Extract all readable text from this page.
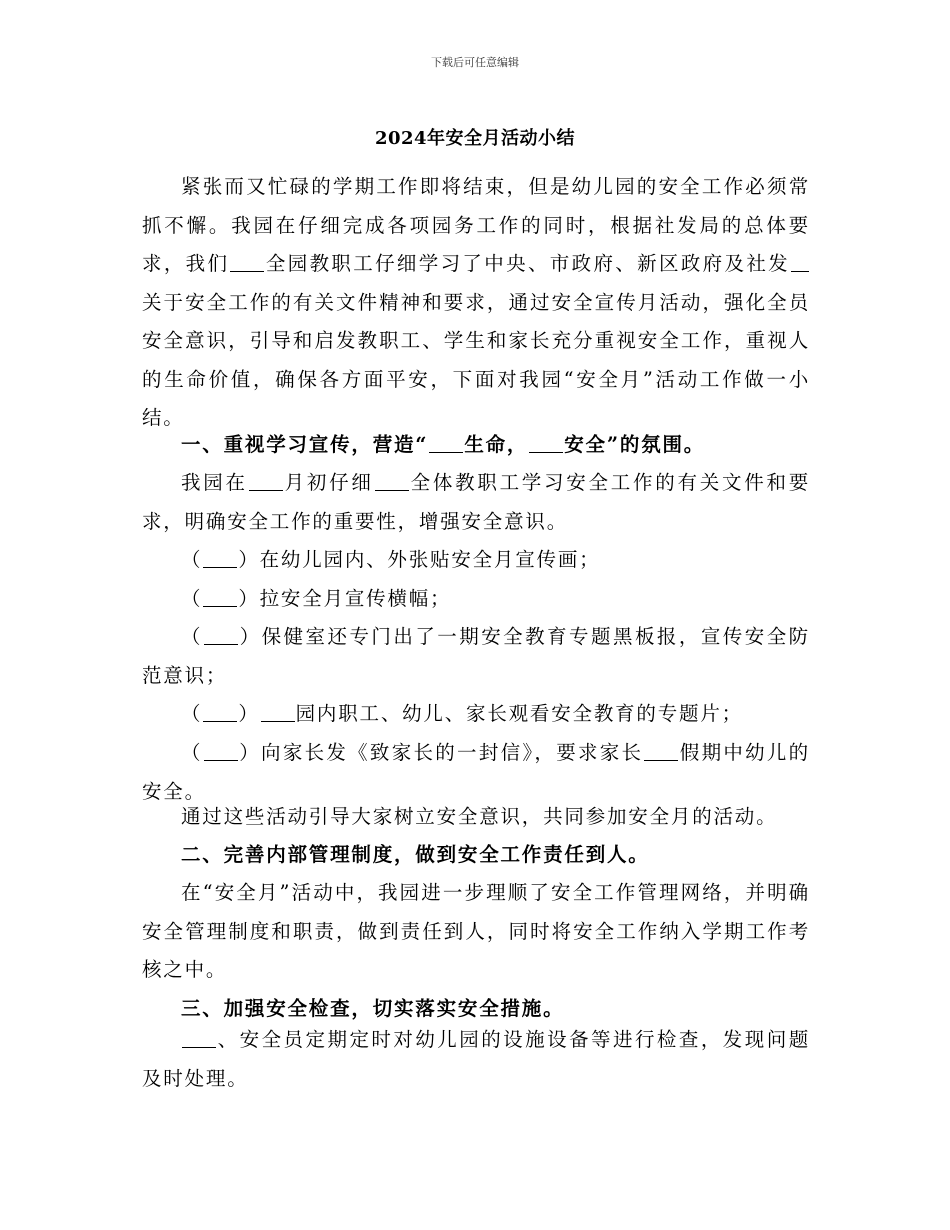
下载后可任意编辑
2024年安全月活动小结
紧张而又忙碌的学期工作即将结束，但是幼儿园的安全工作必须常抓不懈。我园在仔细完成各项园务工作的同时，根据社发局的总体要求，我们 全园教职工仔细学习了中央、市政府、新区政府及社发关于安全工作的有关文件精神和要求，通过安全宣传月活动，强化全员安全意识，引导和启发教职工、学生和家长充分重视安全工作，重视人的生命价值，确保各方面平安，下面对我园“安全月”活动工作做一小结。
一、重视学习宣传，营造“ 生命， 安全”的氛围。
我园在 月初仔细 全体教职工学习安全工作的有关文件和要求，明确安全工作的重要性，增强安全意识。
（ ）在幼儿园内、外张贴安全月宣传画；
（ ）拉安全月宣传横幅；
（ ）保健室还专门出了一期安全教育专题黑板报，宣传安全防范意识；
（ ） 园内职工、幼儿、家长观看安全教育的专题片；
（ ）向家长发《致家长的一封信》，要求家长 假期中幼儿的安全。
通过这些活动引导大家树立安全意识，共同参加安全月的活动。
二、完善内部管理制度，做到安全工作责任到人。
在“安全月”活动中，我园进一步理顺了安全工作管理网络，并明确安全管理制度和职责，做到责任到人，同时将安全工作纳入学期工作考核之中。
三、加强安全检查，切实落实安全措施。
、安全员定期定时对幼儿园的设施设备等进行检查，发现问题及时处理。
